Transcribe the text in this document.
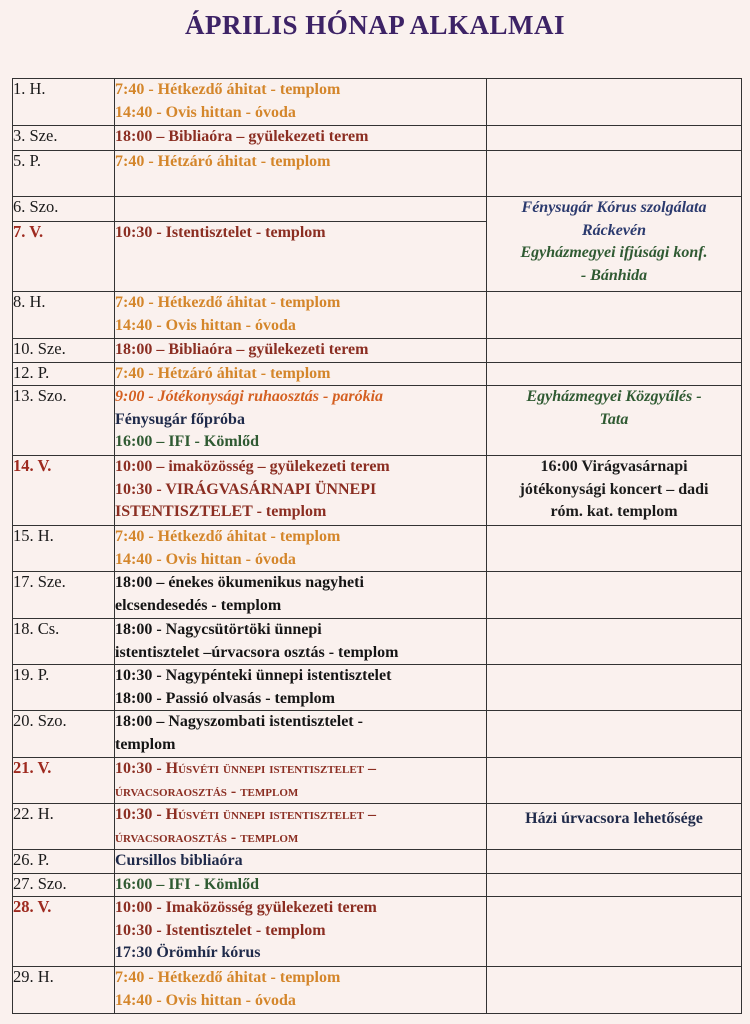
ÁPRILIS HÓNAP ALKALMAI
1. H.	7:40 - Hétkezdő áhitat - templom
14:40 - Ovis hittan - óvoda	

3. Sze.	18:00 – Bibliaóra – gyülekezeti terem	

5. P.	7:40 - Hétzáró áhitat - templom	

6. Szo.		Fénysugár Kórus szolgálata
Ráckevén
Egyházmegyei ifjúsági konf.
- Bánhida

7. V.	10:30 - Istentisztelet - templom	

8. H.	7:40 - Hétkezdő áhitat - templom
14:40 - Ovis hittan - óvoda	

10. Sze.	18:00 – Bibliaóra – gyülekezeti terem	

12. P.	7:40 - Hétzáró áhitat - templom	

13. Szo.	9:00 - Jótékonysági ruhaosztás - parókia
Fénysugár főpróba
16:00 – IFI - Kömlőd	Egyházmegyei Közgyűlés -
Tata

14. V.	10:00 – imaközösség – gyülekezeti terem
10:30 - VIRÁGVASÁRNAPI ÜNNEPI
ISTENTISZTELET - templom	16:00 Virágvasárnapi
jótékonysági koncert – dadi
róm. kat. templom

15. H.	7:40 - Hétkezdő áhitat - templom
14:40 - Ovis hittan - óvoda	

17. Sze.	18:00 – énekes ökumenikus nagyheti
elcsendesedés - templom	

18. Cs.	18:00 - Nagycsütörtöki ünnepi
istentisztelet –úrvacsora osztás - templom	

19. P.	10:30 - Nagypénteki ünnepi istentisztelet
18:00 - Passió olvasás - templom	

20. Szo.	18:00 – Nagyszombati istentisztelet -
templom	

21. V.	10:30 - Húsvéti ünnepi istentisztelet –
úrvacsoraosztás - templom	

22. H.	10:30 - Húsvéti ünnepi istentisztelet –
úrvacsoraosztás - templom	Házi úrvacsora lehetősége

26. P.	Cursillos bibliaóra	

27. Szo.	16:00 – IFI - Kömlőd	

28. V.	10:00 - Imaközösség gyülekezeti terem
10:30 - Istentisztelet - templom
17:30 Örömhír kórus	

29. H.	7:40 - Hétkezdő áhitat - templom
14:40 - Ovis hittan - óvoda	
